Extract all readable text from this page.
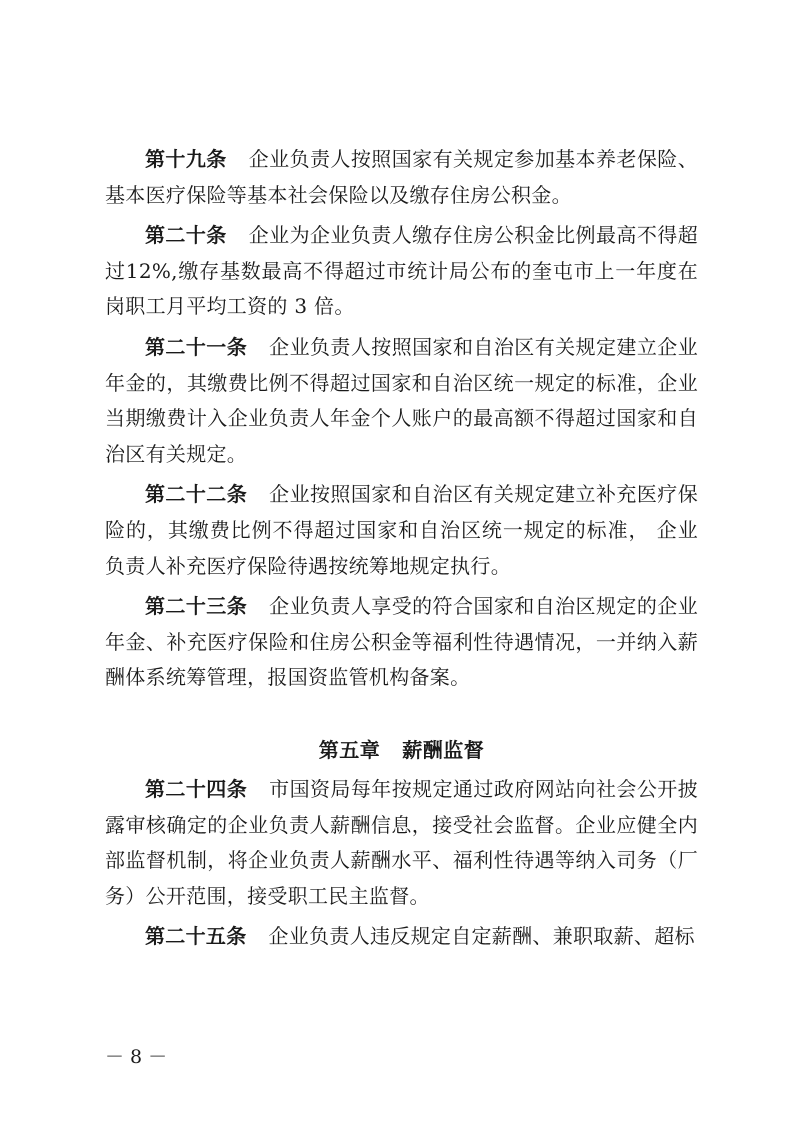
第十九条 企业负责人按照国家有关规定参加基本养老保险、基本医疗保险等基本社会保险以及缴存住房公积金。

第二十条 企业为企业负责人缴存住房公积金比例最高不得超过12%,缴存基数最高不得超过市统计局公布的奎屯市上一年度在岗职工月平均工资的 3 倍。

第二十一条 企业负责人按照国家和自治区有关规定建立企业年金的，其缴费比例不得超过国家和自治区统一规定的标准，企业当期缴费计入企业负责人年金个人账户的最高额不得超过国家和自治区有关规定。

第二十二条 企业按照国家和自治区有关规定建立补充医疗保险的，其缴费比例不得超过国家和自治区统一规定的标准， 企业负责人补充医疗保险待遇按统筹地规定执行。

第二十三条 企业负责人享受的符合国家和自治区规定的企业年金、补充医疗保险和住房公积金等福利性待遇情况，一并纳入薪酬体系统筹管理，报国资监管机构备案。

第五章 薪酬监督

第二十四条 市国资局每年按规定通过政府网站向社会公开披露审核确定的企业负责人薪酬信息，接受社会监督。企业应健全内部监督机制，将企业负责人薪酬水平、福利性待遇等纳入司务（厂务）公开范围，接受职工民主监督。

第二十五条 企业负责人违反规定自定薪酬、兼职取薪、超标

－ 8 －
